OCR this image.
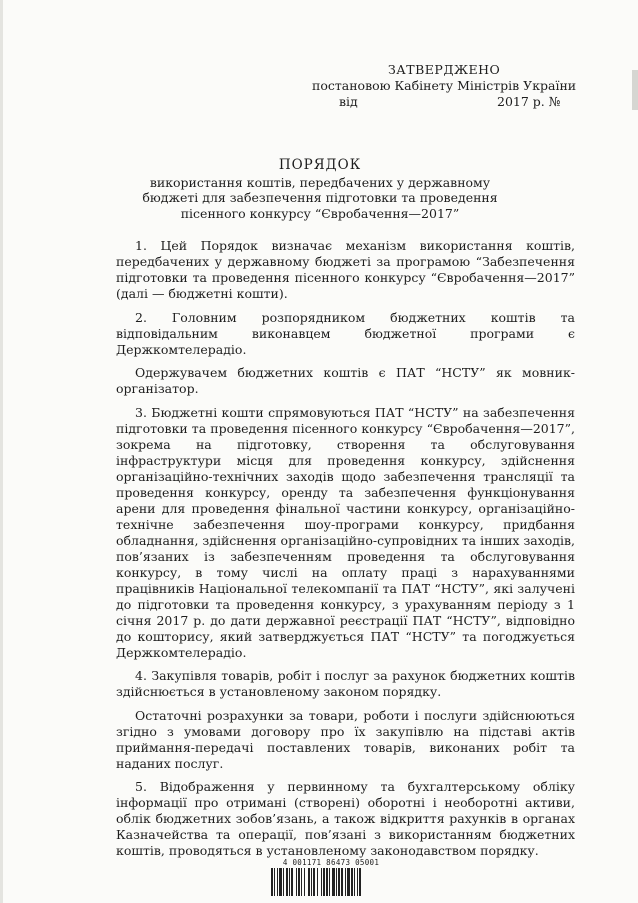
ЗАТВЕРДЖЕНО
постановою Кабінету Міністрів України
від	2017 р. №
ПОРЯДОК
використання коштів, передбачених у державному
бюджеті для забезпечення підготовки та проведення
пісенного конкурсу “Євробачення—2017”

1. Цей Порядок визначає механізм використання коштів, передбачених у державному бюджеті за програмою “Забезпечення підготовки та проведення пісенного конкурсу “Євробачення—2017” (далі — бюджетні кошти).

2. Головним розпорядником бюджетних коштів та відповідальним виконавцем бюджетної програми є Держкомтелерадіо.

Одержувачем бюджетних коштів є ПАТ “НСТУ” як мовник-організатор.

3. Бюджетні кошти спрямовуються ПАТ “НСТУ” на забезпечення підготовки та проведення пісенного конкурсу “Євробачення—2017”, зокрема на підготовку, створення та обслуговування інфраструктури місця для проведення конкурсу, здійснення організаційно-технічних заходів щодо забезпечення трансляції та проведення конкурсу, оренду та забезпечення функціонування арени для проведення фінальної частини конкурсу, організаційно-технічне забезпечення шоу-програми конкурсу, придбання обладнання, здійснення організаційно-супровідних та інших заходів, пов’язаних із забезпеченням проведення та обслуговування конкурсу, в тому числі на оплату праці з нарахуваннями працівників Національної телекомпанії та ПАТ “НСТУ”, які залучені до підготовки та проведення конкурсу, з урахуванням періоду з 1 січня 2017 р. до дати державної реєстрації ПАТ “НСТУ”, відповідно до кошторису, який затверджується ПАТ “НСТУ” та погоджується Держкомтелерадіо.

4. Закупівля товарів, робіт і послуг за рахунок бюджетних коштів здійснюється в установленому законом порядку.

Остаточні розрахунки за товари, роботи і послуги здійснюються згідно з умовами договору про їх закупівлю на підставі актів приймання-передачі поставлених товарів, виконаних робіт та наданих послуг.

5. Відображення у первинному та бухгалтерському обліку інформації про отримані (створені) оборотні і необоротні активи, облік бюджетних зобов’язань, а також відкриття рахунків в органах Казначейства та операції, пов’язані з використанням бюджетних коштів, проводяться в установленому законодавством порядку.

4 001171 86473 05001
